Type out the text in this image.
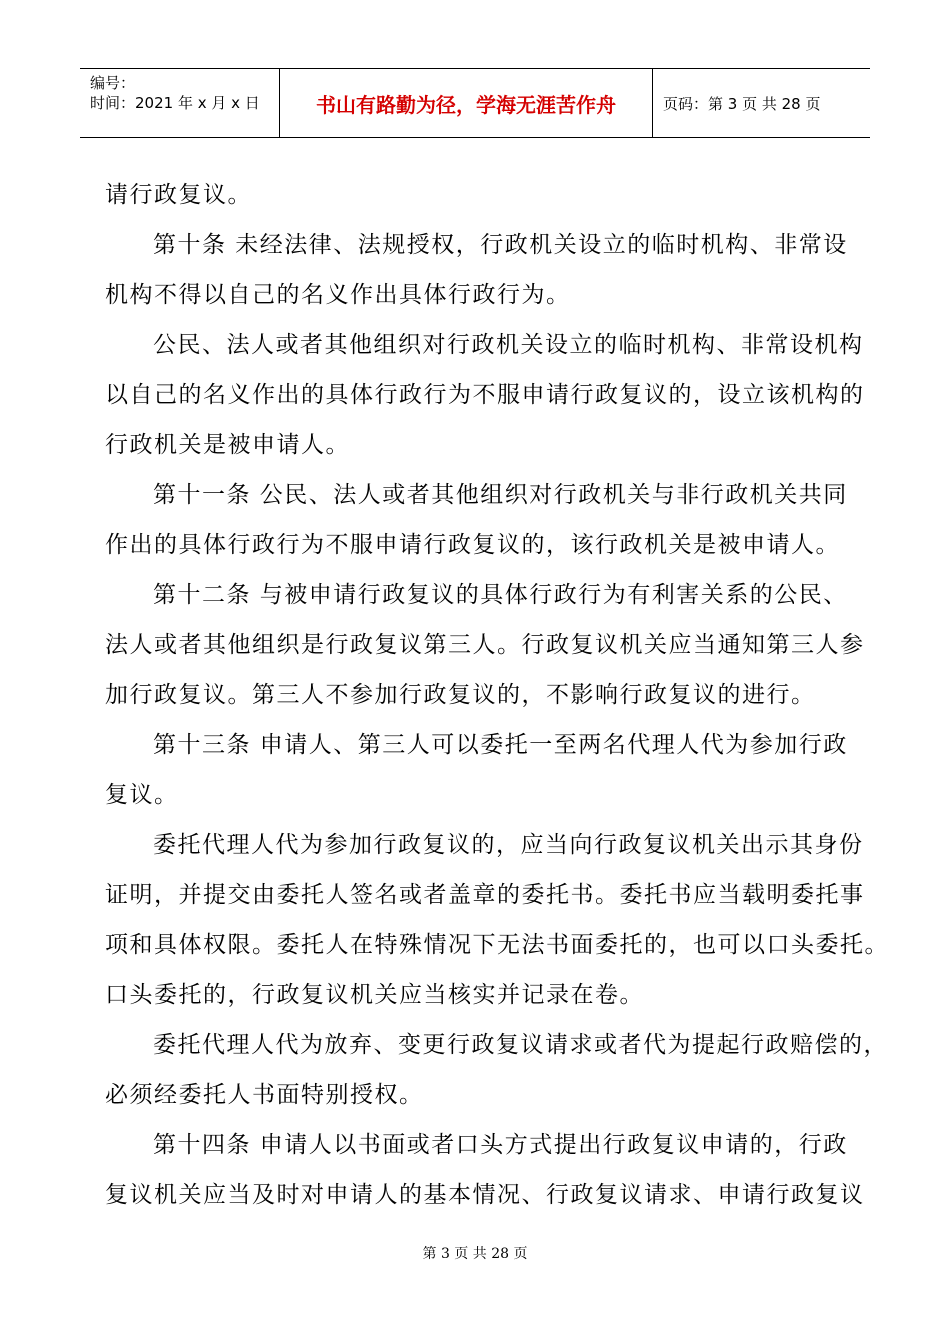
编号：
时间：2021 年 x 月 x 日	书山有路勤为径，学海无涯苦作舟	页码：第 3 页 共 28 页
请行政复议。
第十条 未经法律、法规授权，行政机关设立的临时机构、非常设
机构不得以自己的名义作出具体行政行为。
公民、法人或者其他组织对行政机关设立的临时机构、非常设机构
以自己的名义作出的具体行政行为不服申请行政复议的，设立该机构的
行政机关是被申请人。
第十一条 公民、法人或者其他组织对行政机关与非行政机关共同
作出的具体行政行为不服申请行政复议的，该行政机关是被申请人。
第十二条 与被申请行政复议的具体行政行为有利害关系的公民、
法人或者其他组织是行政复议第三人。行政复议机关应当通知第三人参
加行政复议。第三人不参加行政复议的，不影响行政复议的进行。
第十三条 申请人、第三人可以委托一至两名代理人代为参加行政
复议。
委托代理人代为参加行政复议的，应当向行政复议机关出示其身份
证明，并提交由委托人签名或者盖章的委托书。委托书应当载明委托事
项和具体权限。委托人在特殊情况下无法书面委托的，也可以口头委托。
口头委托的，行政复议机关应当核实并记录在卷。
委托代理人代为放弃、变更行政复议请求或者代为提起行政赔偿的，
必须经委托人书面特别授权。
第十四条 申请人以书面或者口头方式提出行政复议申请的，行政
复议机关应当及时对申请人的基本情况、行政复议请求、申请行政复议
第 3 页 共 28 页
